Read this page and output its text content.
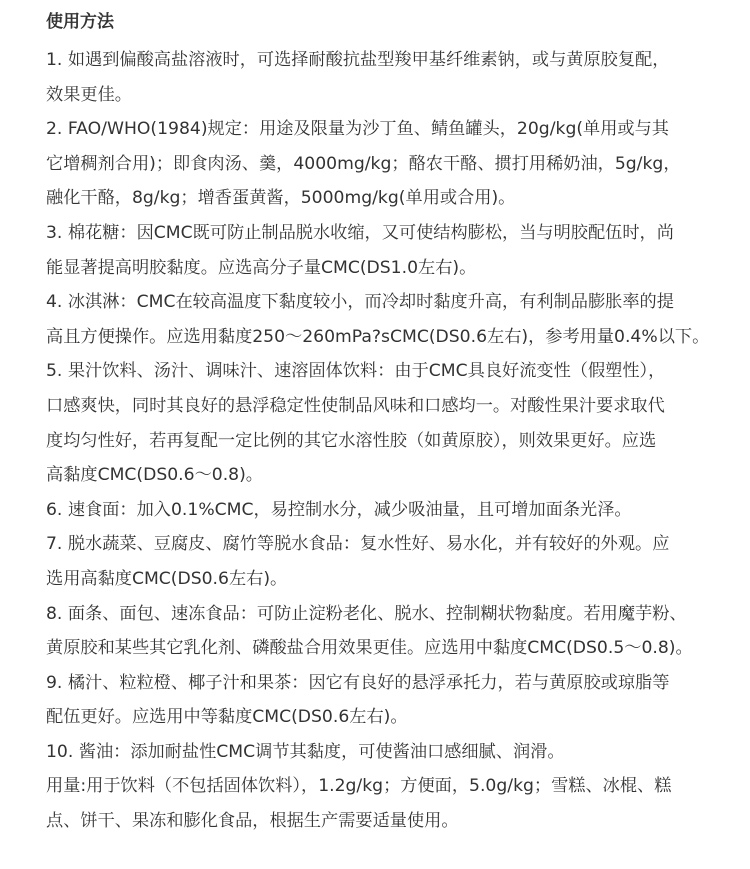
使用方法
1. 如遇到偏酸高盐溶液时，可选择耐酸抗盐型羧甲基纤维素钠，或与黄原胶复配，
效果更佳。
2. FAO/WHO(1984)规定：用途及限量为沙丁鱼、鲭鱼罐头，20g/kg(单用或与其
它增稠剂合用)；即食肉汤、羹，4000mg/kg；酪农干酪、掼打用稀奶油，5g/kg，
融化干酪，8g/kg；增香蛋黄酱，5000mg/kg(单用或合用)。
3. 棉花糖：因CMC既可防止制品脱水收缩，又可使结构膨松，当与明胶配伍时，尚
能显著提高明胶黏度。应选高分子量CMC(DS1.0左右)。
4. 冰淇淋：CMC在较高温度下黏度较小，而冷却时黏度升高，有利制品膨胀率的提
高且方便操作。应选用黏度250～260mPa?sCMC(DS0.6左右)，参考用量0.4%以下。
5. 果汁饮料、汤汁、调味汁、速溶固体饮料：由于CMC具良好流变性（假塑性），
口感爽快，同时其良好的悬浮稳定性使制品风味和口感均一。对酸性果汁要求取代
度均匀性好，若再复配一定比例的其它水溶性胶（如黄原胶），则效果更好。应选
高黏度CMC(DS0.6～0.8)。
6. 速食面：加入0.1%CMC，易控制水分，减少吸油量，且可增加面条光泽。
7. 脱水蔬菜、豆腐皮、腐竹等脱水食品：复水性好、易水化，并有较好的外观。应
选用高黏度CMC(DS0.6左右)。
8. 面条、面包、速冻食品：可防止淀粉老化、脱水、控制糊状物黏度。若用魔芋粉、
黄原胶和某些其它乳化剂、磷酸盐合用效果更佳。应选用中黏度CMC(DS0.5～0.8)。
9. 橘汁、粒粒橙、椰子汁和果茶：因它有良好的悬浮承托力，若与黄原胶或琼脂等
配伍更好。应选用中等黏度CMC(DS0.6左右)。
10. 酱油：添加耐盐性CMC调节其黏度，可使酱油口感细腻、润滑。
用量:用于饮料（不包括固体饮料），1.2g/kg；方便面，5.0g/kg；雪糕、冰棍、糕
点、饼干、果冻和膨化食品，根据生产需要适量使用。
